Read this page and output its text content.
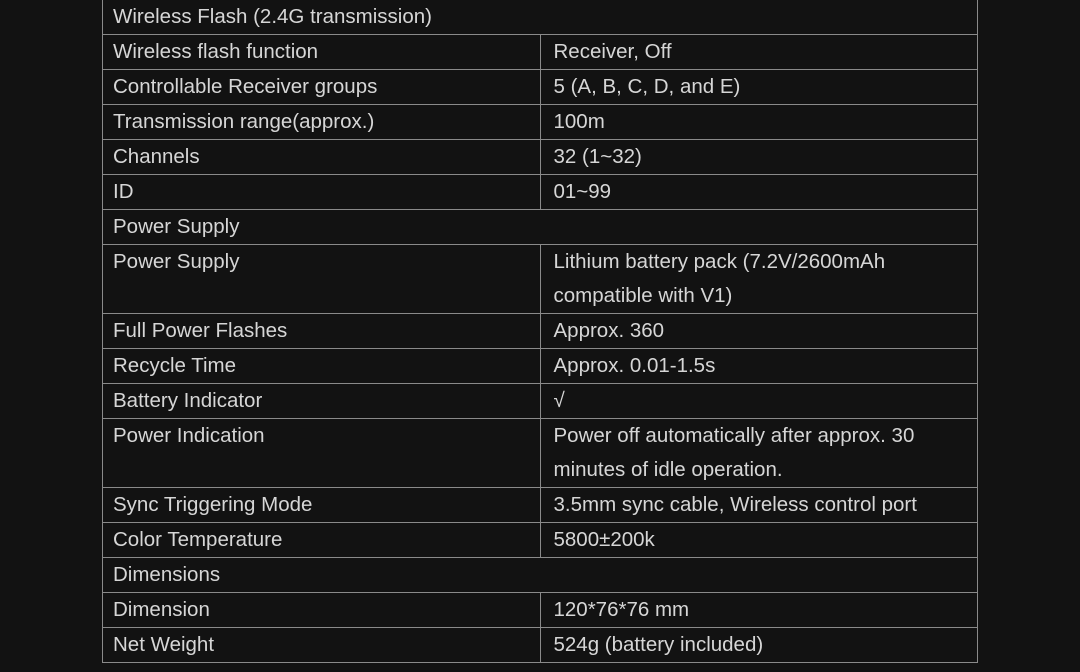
Wireless Flash (2.4G transmission)	
Wireless flash function	Receiver, Off
Controllable Receiver groups	5 (A, B, C, D, and E)
Transmission range(approx.)	100m
Channels	32 (1~32)
ID	01~99
Power Supply	
Power Supply	Lithium battery pack (7.2V/2600mAh compatible with V1)
Full Power Flashes	Approx. 360
Recycle Time	Approx. 0.01-1.5s
Battery Indicator	√
Power Indication	Power off automatically after approx. 30 minutes of idle operation.
Sync Triggering Mode	3.5mm sync cable, Wireless control port
Color Temperature	5800±200k
Dimensions	
Dimension	120*76*76 mm
Net Weight	524g (battery included)
